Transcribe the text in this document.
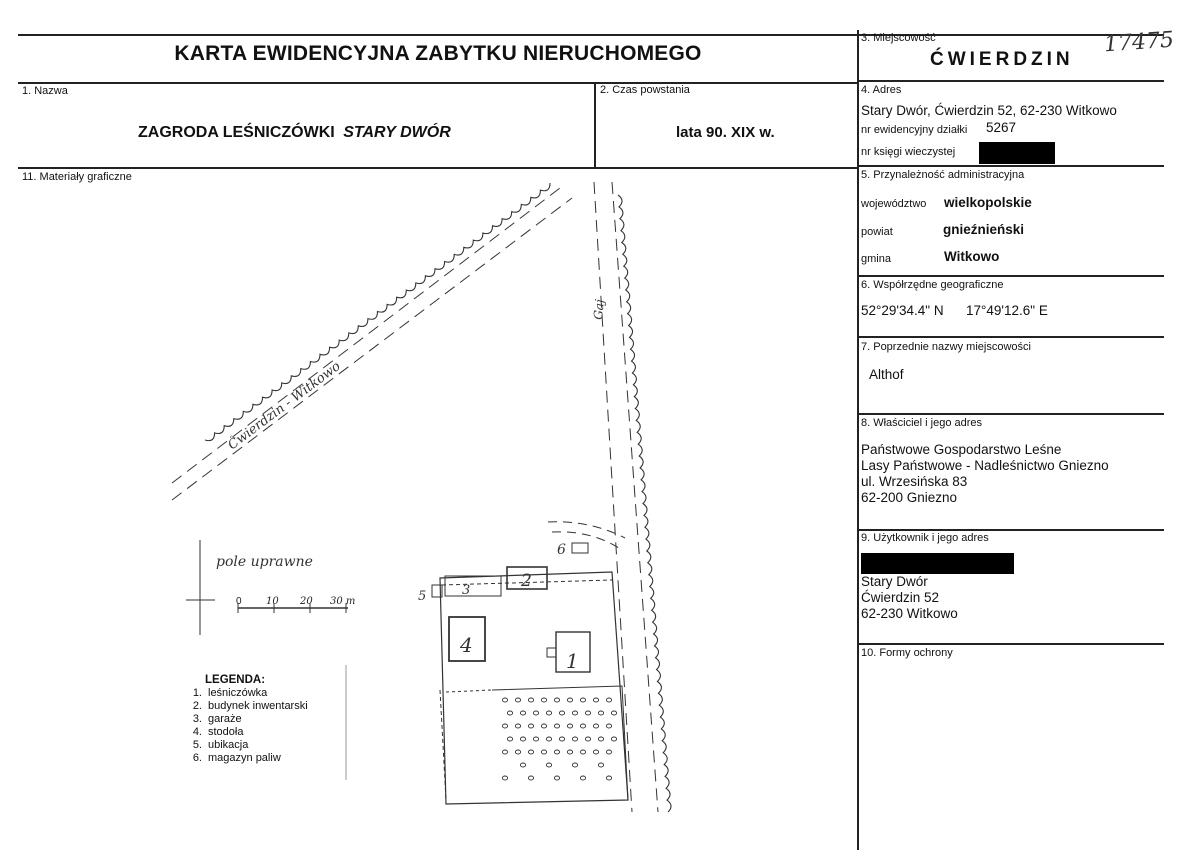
KARTA EWIDENCYJNA ZABYTKU NIERUCHOMEGO
3. Miejscowość
ĆWIERDZIN
17475
1. Nazwa
ZAGRODA LEŚNICZÓWKI STARY DWÓR
2. Czas powstania
lata 90. XIX w.
4. Adres
Stary Dwór, Ćwierdzin 52, 62-230 Witkowo
nr ewidencyjny działki 5267
nr księgi wieczystej
5. Przynależność administracyjna
województwo wielkopolskie
powiat	gnieźnieński
gmina	Witkowo
6. Współrzędne geograficzne
52°29'34.4" N 17°49'12.6" E
7. Poprzednie nazwy miejscowości
Althof
8. Właściciel i jego adres
Państwowe Gospodarstwo Leśne
Lasy Państwowe - Nadleśnictwo Gniezno
ul. Wrzesińska 83
62-200 Gniezno
9. Użytkownik i jego adres
Stary Dwór
Ćwierdzin 52
62-230 Witkowo
10. Formy ochrony
11. Materiały graficzne
Ćwierdzin - Witkowo
Gaj
pole uprawne
0 10 20 30 m
1
2
3
4
5
6
LEGENDA:
1. leśniczówka
2. budynek inwentarski
3. garaże
4. stodoła
5. ubikacja
6. magazyn paliw
